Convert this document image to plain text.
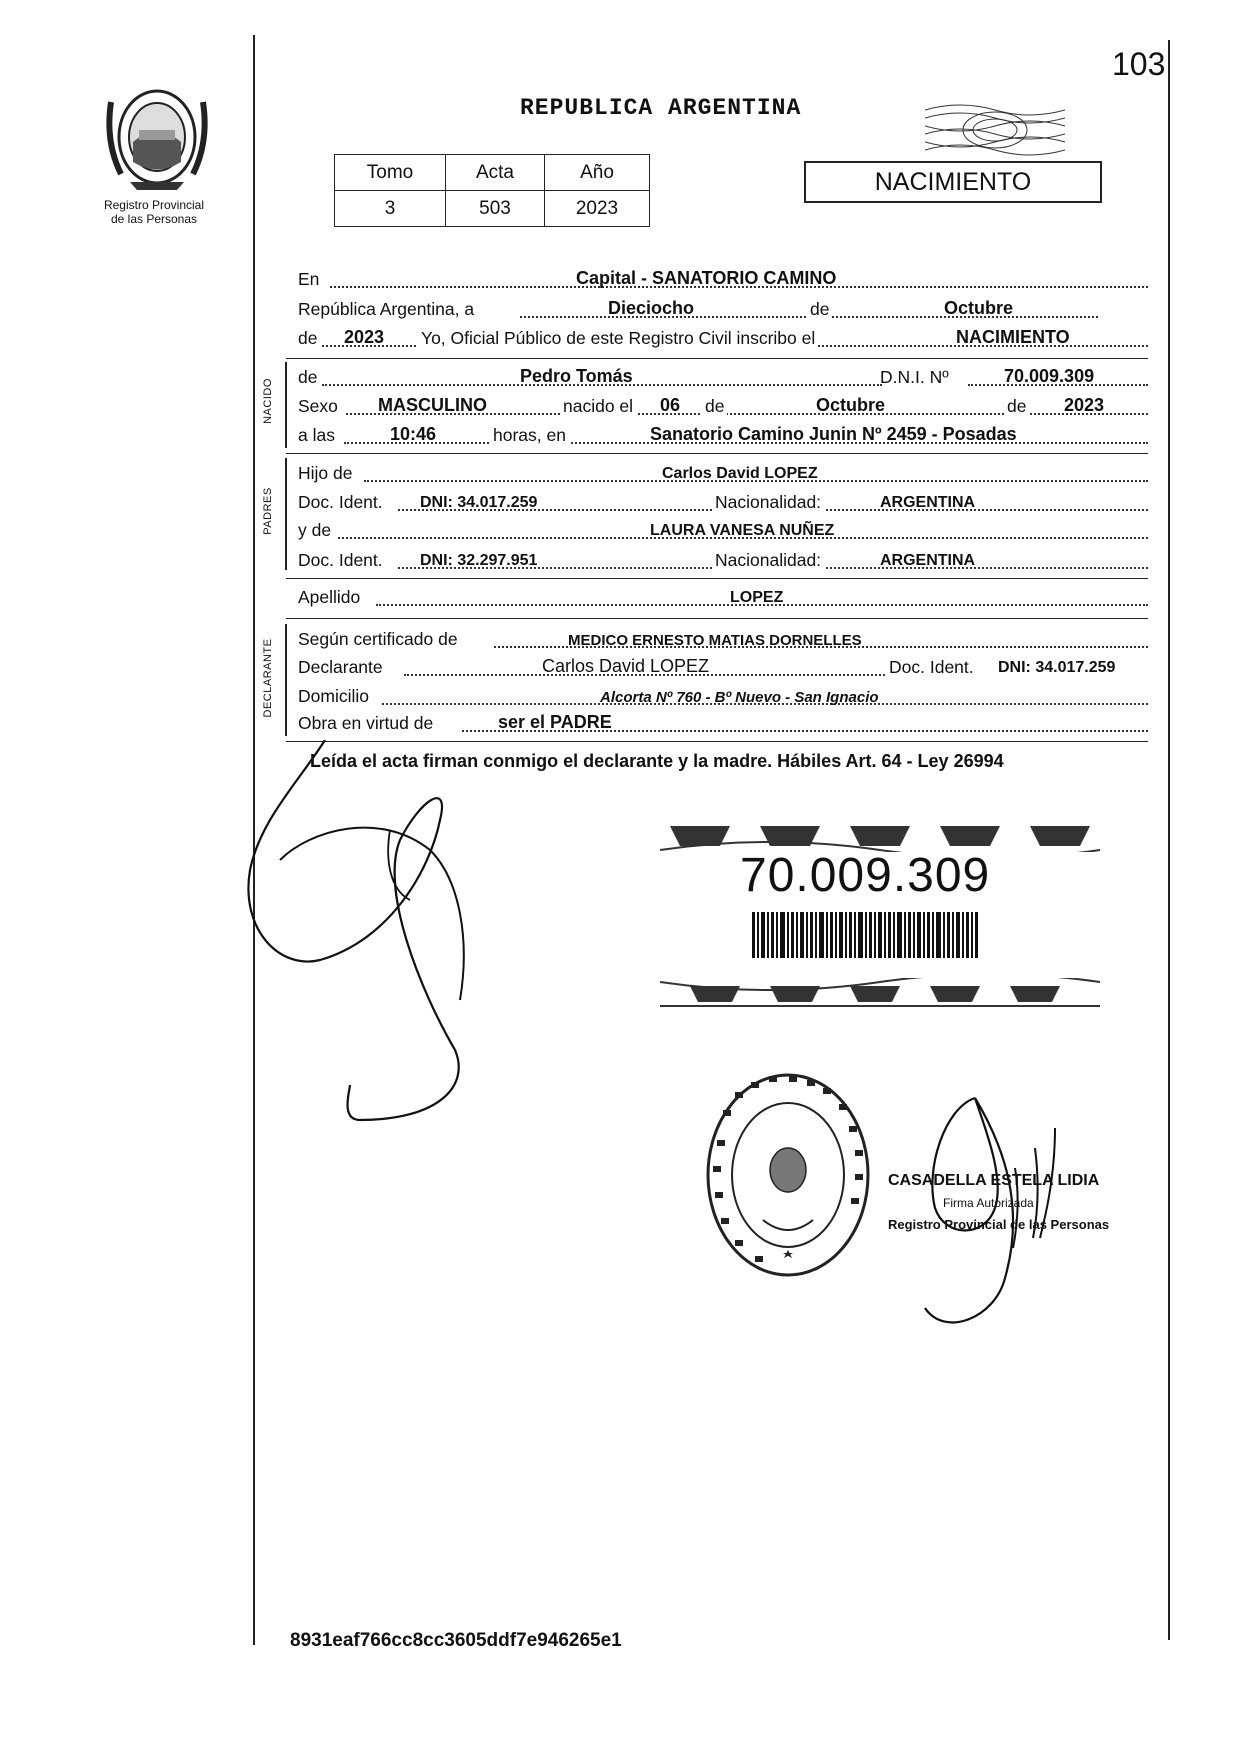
103
Registro Provincial
de las Personas
REPUBLICA ARGENTINA
Tomo	Acta	Año
3	503	2023
NACIMIENTO
En	Capital - SANATORIO CAMINO
República Argentina, a	Dieciocho	de	Octubre
de 2023 Yo, Oficial Público de este Registro Civil inscribo el	NACIMIENTO
NACIDO
de	Pedro Tomás	D.N.I. Nº	70.009.309
Sexo MASCULINO	nacido el 06 de	Octubre	de 2023
a las	10:46	horas, en	Sanatorio Camino Junin Nº 2459 - Posadas
PADRES
Hijo de	Carlos David LOPEZ
Doc. Ident. DNI: 34.017.259	Nacionalidad:	ARGENTINA
y de	LAURA VANESA NUÑEZ
Doc. Ident. DNI: 32.297.951	Nacionalidad:	ARGENTINA
Apellido	LOPEZ
DECLARANTE Según certificado de	MEDICO ERNESTO MATIAS DORNELLES
Declarante	Carlos David LOPEZ	Doc. Ident. DNI: 34.017.259
Domicilio	Alcorta Nº 760 - Bº Nuevo - San Ignacio
Obra en virtud de	ser el PADRE
Leída el acta firman conmigo el declarante y la madre. Hábiles Art. 64 - Ley 26994
70.009.309
CASADELLA ESTELA LIDIA
Firma Autorizada
Registro Provincial de las Personas
8931eaf766cc8cc3605ddf7e946265e1
